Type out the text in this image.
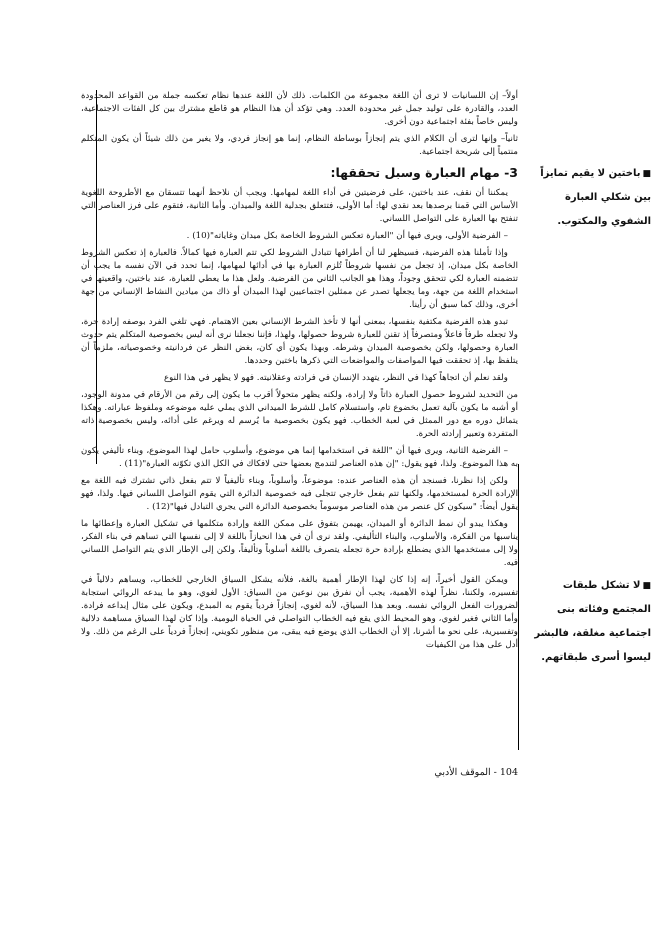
أولاً– إن اللسانيات لا ترى أن اللغة مجموعة من الكلمات. ذلك لأن اللغة عندها نظام تعكسه جملة من القواعد المحدودة العدد، والقادرة على توليد جمل غير محدودة العدد. وهي تؤكد أن هذا النظام هو قاطع مشترك بين كل الفئات الاجتماعية، وليس خاصاً بفئة اجتماعية دون أخرى.

ثانياً– وإنها لترى أن الكلام الذي يتم إنجازاً بوساطة النظام، إنما هو إنجاز فردي، ولا يغير من ذلك شيئاً أن يكون المتكلم منتمياً إلى شريحة اجتماعية.

3- مهام العبارة وسبل تحققها:

يمكننا أن نقف، عند باختين، على فرضيتين في أداء اللغة لمهامها. ويجب أن نلاحظ أنهما تتسقان مع الأطروحة اللغوية الأساس التي قمنا برصدها بعد نقدي لها: أما الأولى، فتتعلق بجدلية اللغة والميدان. وأما الثانية، فتقوم على فرز العناصر التي تنفتح بها العبارة على التواصل اللساني.

– الفرضية الأولى، ويرى فيها أن "العبارة تعكس الشروط الخاصة بكل ميدان وغاياته"(10) .

وإذا تأملنا هذه الفرضية، فسيظهر لنا أن أطرافها تتبادل الشروط لكي تتم العبارة فيها كمالاً. فالعبارة إذ تعكس الشروط الخاصة بكل ميدان، إذ تجعل من نفسها شروطاً تُلزم العبارة بها في أدائها لمهامها، إنما تحدد في الآن نفسه ما يجب أن تتضمنه العبارة لكي تتحقق وجوداً، وهذا هو الجانب الثاني من الفرضية. ولعل هذا ما يعطي للعبارة، عند باختين، واقعيتها في استخدام اللغة من جهة، وما يجعلها تصدر عن ممثلين اجتماعيين لهذا الميدان أو ذاك من ميادين النشاط الإنساني من جهة أخرى، وذلك كما سبق أن رأينا.

تبدو هذه الفرضية مكتفية بنفسها، بمعنى أنها لا تأخذ الشرط الإنساني بعين الاهتمام. فهي تلغي الفرد بوصفه إرادة حرة، ولا تجعله طرفاً فاعلاً ومتصرفاً إذ تقنن للعبارة شروط حصولها، ولهذا، فإننا نجعلنا نرى أنه ليس بخصوصية المتكلم يتم حدوث العبارة وحصولها، ولكن بخصوصية الميدان وشرطه. وبهذا يكون أي كان، بغض النظر عن فردانيته وخصوصياته، ملزماً أن يتلفظ بها، إذ تحققت فيها المواصفات والمواضعات التي ذكرها باختين وحددها.

ولقد نعلم أن اتجاهاً كهذا في النظر، يتهدد الإنسان في فرادته وعقلانيته. فهو لا يظهر في هذا النوع

من التحديد لشروط حصول العبارة ذاتاً ولا إرادة، ولكنه يظهر متحولاً أقرب ما يكون إلى رقم من الأرقام في مدونة الوجود، أو أشبه ما يكون بآلية تعمل بخضوع تام، واستسلام كامل للشرط الميداني الذي يملي عليه موضوعه وملفوظ عباراته. وهكذا يتماثل دوره مع دور الممثل في لعبة الخطاب. فهو يكون بخصوصية ما يُرسم له ويرغم على أدائه، وليس بخصوصية ذاته المتفردة وتعبير إرادته الحرة.

– الفرضية الثانية، ويرى فيها أن "اللغة في استخدامها إنما هي موضوع، وأسلوب حامل لهذا الموضوع، وبناء تأليفي يكون به هذا الموضوع. ولذا، فهو يقول: "إن هذه العناصر لتندمج بعضها حتى لافكاك في الكل الذي تكوّنه العبارة"(11) .

ولكن إذا نظرنا، فسنجد أن هذه العناصر عنده: موضوعاً، وأسلوباً، وبناء تأليفياً لا تتم بفعل ذاتي تشترك فيه اللغة مع الإرادة الحرة لمستخدمها، ولكنها تتم بفعل خارجي تتجلى فيه خصوصية الدائرة التي يقوم التواصل اللساني فيها. ولذا، فهو يقول أيضاً: "سيكون كل عنصر من هذه العناصر موسوماً بخصوصية الدائرة التي يجري التبادل فيها"(12) .

وهكذا يبدو أن نمط الدائرة أو الميدان، يهيمن بتفوق على ممكن اللغة وإرادة متكلمها في تشكيل العبارة وإعطائها ما يناسبها من الفكرة، والأسلوب، والبناء التأليفي. ولقد نرى أن في هذا انحيازاً باللغة لا إلى نفسها التي تساهم في بناء الفكر، ولا إلى مستخدمها الذي يضطلع بإرادة حرة تجعله يتصرف باللغة أسلوباً وتأليفاً، ولكن إلى الإطار الذي يتم التواصل اللساني فيه.

ويمكن القول أخيراً، إنه إذا كان لهذا الإطار أهمية بالغة، فلأنه يشكل السياق الخارجي للخطاب، ويساهم دلالياً في تفسيره، ولكننا، نظراً لهذه الأهمية، يجب أن نفرق بين نوعين من السياق: الأول لغوي، وهو ما يبدعه الروائي استجابة لضرورات الفعل الروائي نفسه. وبعد هذا السياق، لأنه لغوي، إنجازاً فردياً يقوم به المبدع، ويكون على مثال إبداعه فرادة. وأما الثاني فغير لغوي، وهو المحيط الذي يقع فيه الخطاب التواصلي في الحياة اليومية. وإذا كان لهذا السياق مساهمة دلالية وتفسيرية، على نحو ما أشرنا، إلا أن الخطاب الذي يوضع فيه يبقى، من منظور تكويني، إنجازاً فردياً على الرغم من ذلك. ولا أدل على هذا من الكيفيات

■باختين لا يقيم تمايزاً بين شكلي العبارة الشفوي والمكتوب.
■لا تشكل طبقات المجتمع وفئاته بنى اجتماعية مغلقة، فالبشر ليسوا أسرى طبقاتهم.
104 - الموقف الأدبي
